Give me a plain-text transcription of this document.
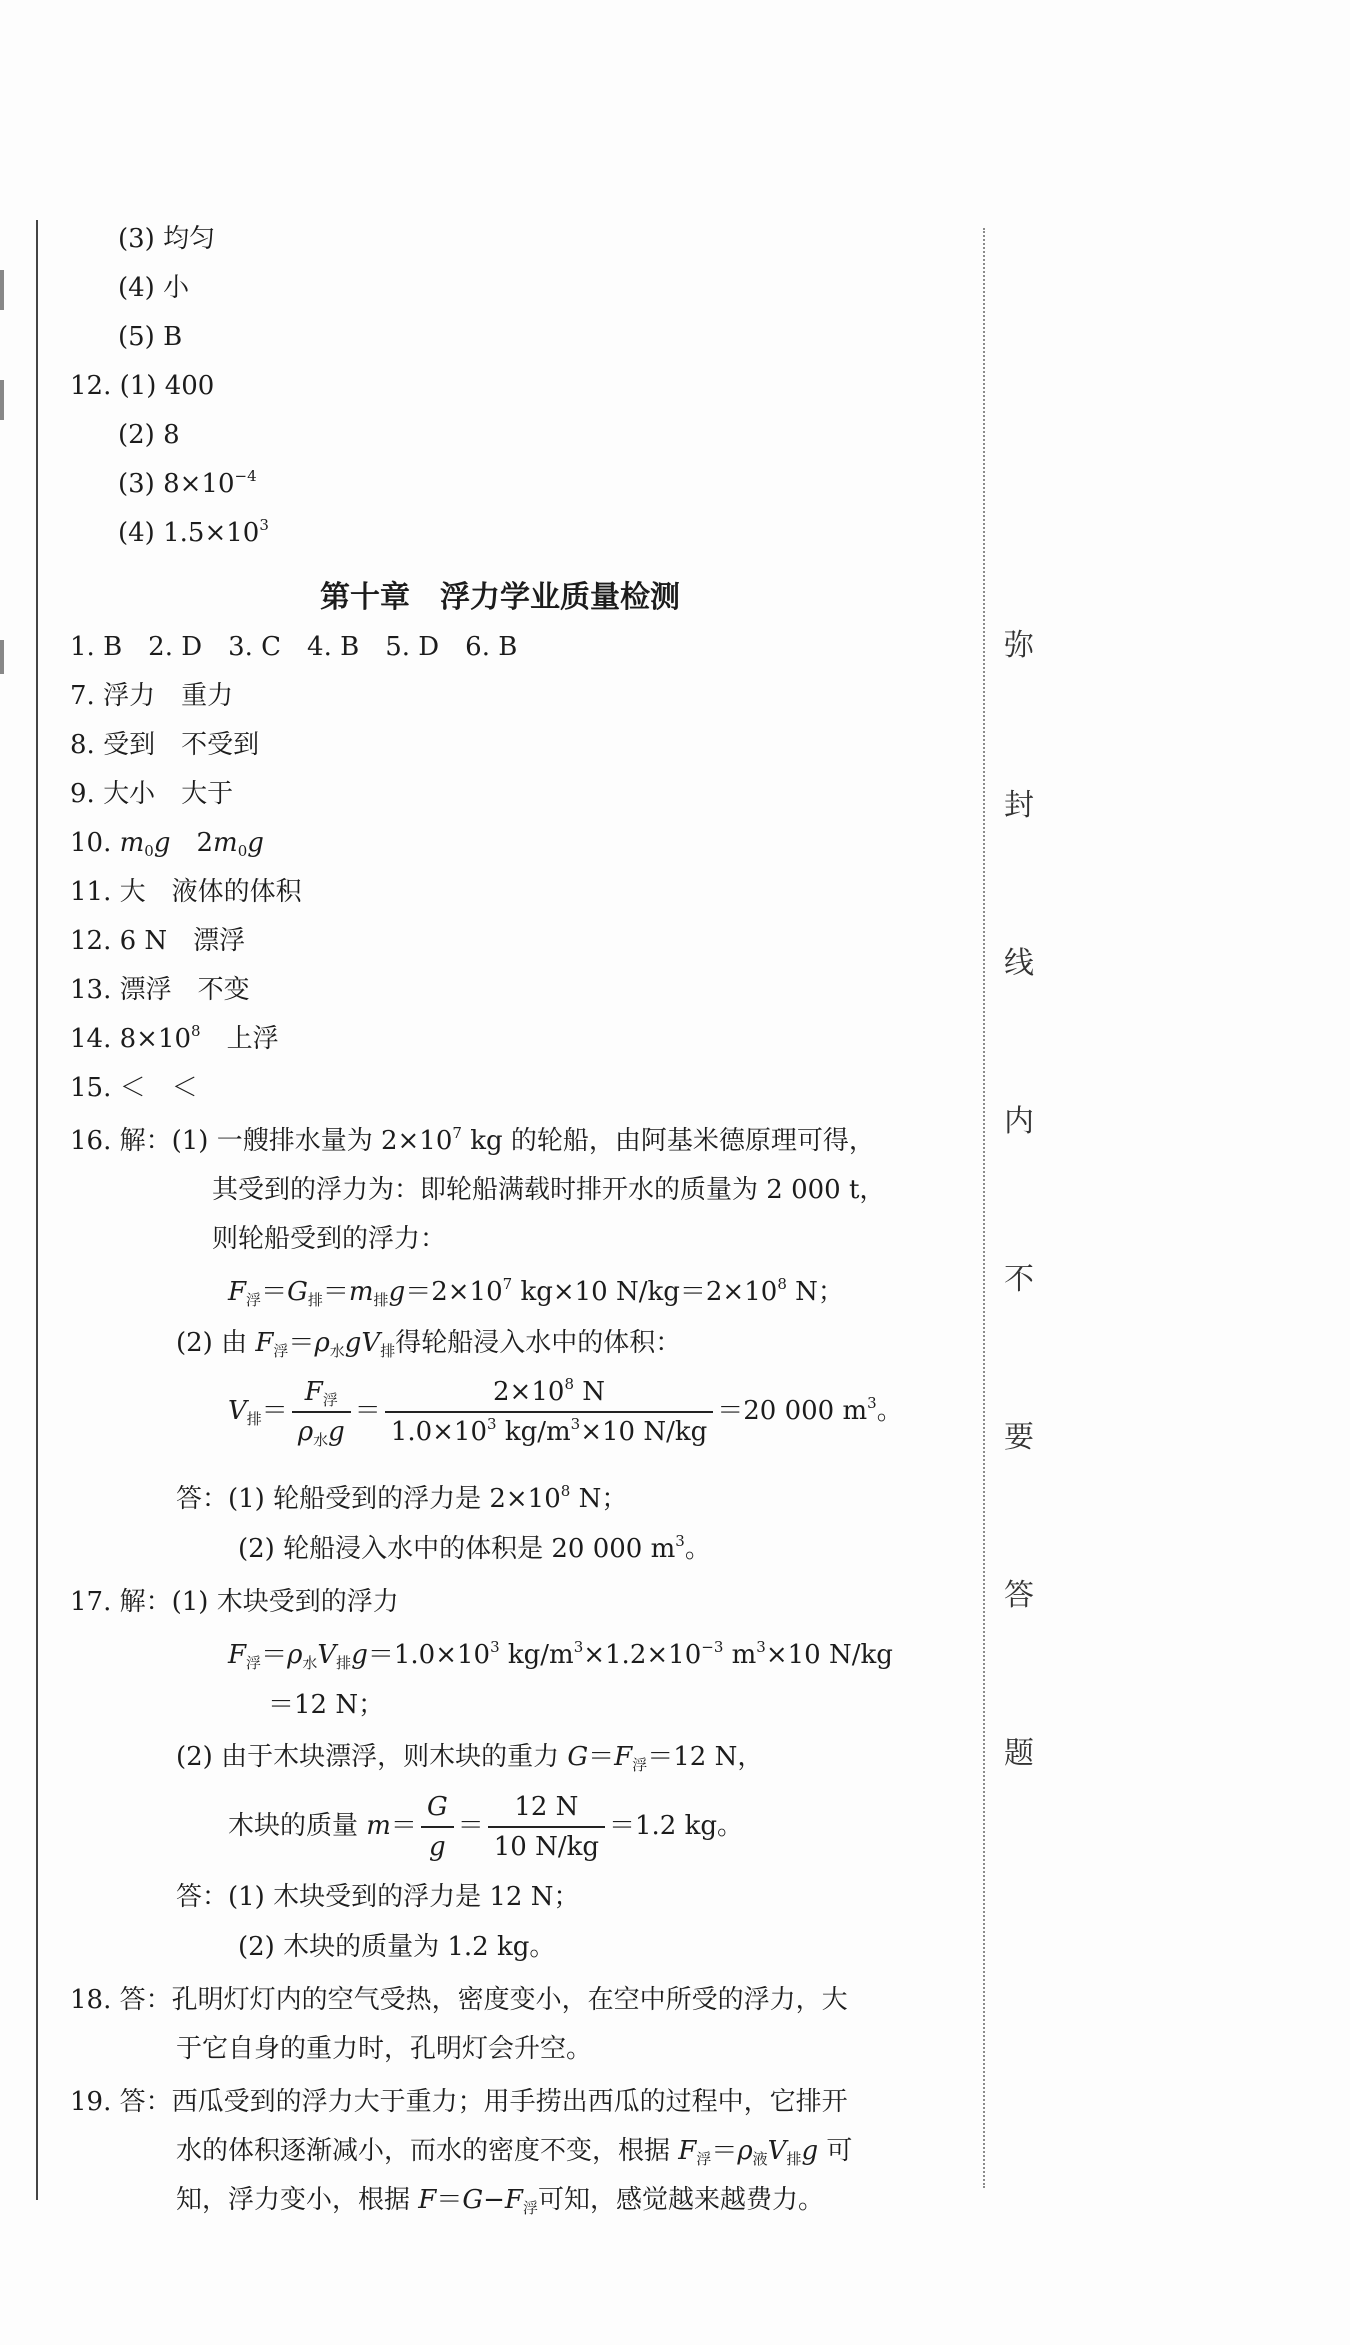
弥
封
线
内
不
要
答
题
(3) 均匀
(4) 小
(5) B
12. (1) 400
(2) 8
(3) $8\times 10^{-4}$
(4) $1.5\times 10^3$
第十章　浮力学业质量检测
1. B　2. D　3. C　4. B　5. D　6. B
7. 浮力　重力
8. 受到　不受到
9. 大小　大于
10. $m_0g$　 $2m_0g$
11. 大　液体的体积
12. 6 N　漂浮
13. 漂浮　不变
14. $8\times 10^8$　 上浮
15. ＜　＜
16. 解：(1) 一艘排水量为 $2\times 10^7$ kg 的轮船，由阿基米德原理可得，
其受到的浮力为：即轮船满载时排开水的质量为 2 000 t，
则轮船受到的浮力：
$F_浮=G_排=m_排g=2\times 10^7$ kg×10 $N/kg=2\times 10^8$ N；
(2) 由 $F_浮=\rho_水gV_排$得轮船浸入水中的体积：
$V_排= \frac{F_浮}{\rho_水g} = \frac{2\times 10^8 N}{1.0\times 10^3 kg/m^3\times 10 N/kg} =20$ 000 $m^3$。
答：(1) 轮船受到的浮力是 $2\times 10^8$ N；
(2) 轮船浸入水中的体积是 20 000 $m^3$。
17. 解：(1) 木块受到的浮力
$F_浮=\rho_水V_排g=1.0\times 10^3$ $kg/m^3\times 1.2\times 10^{-3}$ $m^3\times 10$ N/kg
＝12 N；
(2) 由于木块漂浮，则木块的重力 $G=F_浮=12$ N，
木块的质量 $m= \frac{G}{g} = \frac{12 N}{10 N/kg} =1.2$ kg。
答：(1) 木块受到的浮力是 12 N；
(2) 木块的质量为 1.2 kg。
18. 答：孔明灯灯内的空气受热，密度变小，在空中所受的浮力，大
于它自身的重力时，孔明灯会升空。
19. 答：西瓜受到的浮力大于重力；用手捞出西瓜的过程中，它排开
水的体积逐渐减小，而水的密度不变，根据 $F_浮=\rho_液V_排g$ 可
知，浮力变小，根据 $F=G-F_浮$可知，感觉越来越费力。
